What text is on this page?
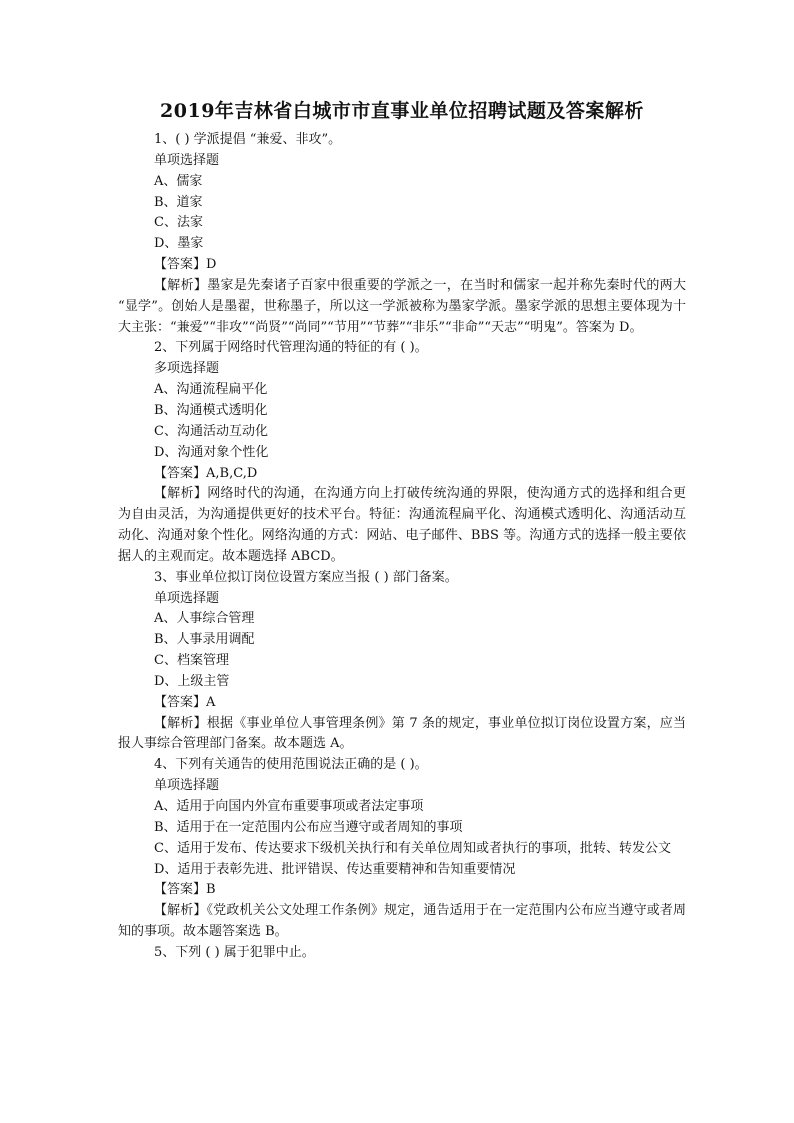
2019年吉林省白城市市直事业单位招聘试题及答案解析

1、( ) 学派提倡 “兼爱、非攻”。

单项选择题

A、儒家

B、道家

C、法家

D、墨家

【答案】D

【解析】墨家是先秦诸子百家中很重要的学派之一，在当时和儒家一起并称先秦时代的两大 “显学”。创始人是墨翟，世称墨子，所以这一学派被称为墨家学派。墨家学派的思想主要体现为十大主张：“兼爱”“非攻”“尚贤”“尚同”“节用”“节葬”“非乐”“非命”“天志”“明鬼”。答案为 D。

2、下列属于网络时代管理沟通的特征的有 ( )。

多项选择题

A、沟通流程扁平化

B、沟通模式透明化

C、沟通活动互动化

D、沟通对象个性化

【答案】A,B,C,D

【解析】网络时代的沟通，在沟通方向上打破传统沟通的界限，使沟通方式的选择和组合更为自由灵活，为沟通提供更好的技术平台。特征：沟通流程扁平化、沟通模式透明化、沟通活动互动化、沟通对象个性化。网络沟通的方式：网站、电子邮件、BBS 等。沟通方式的选择一般主要依据人的主观而定。故本题选择 ABCD。

3、事业单位拟订岗位设置方案应当报 ( ) 部门备案。

单项选择题

A、人事综合管理

B、人事录用调配

C、档案管理

D、上级主管

【答案】A

【解析】根据《事业单位人事管理条例》第 7 条的规定，事业单位拟订岗位设置方案，应当报人事综合管理部门备案。故本题选 A。

4、下列有关通告的使用范围说法正确的是 ( )。

单项选择题

A、适用于向国内外宣布重要事项或者法定事项

B、适用于在一定范围内公布应当遵守或者周知的事项

C、适用于发布、传达要求下级机关执行和有关单位周知或者执行的事项，批转、转发公文

D、适用于表彰先进、批评错误、传达重要精神和告知重要情况

【答案】B

【解析】《党政机关公文处理工作条例》规定，通告适用于在一定范围内公布应当遵守或者周知的事项。故本题答案选 B。

5、下列 ( ) 属于犯罪中止。
